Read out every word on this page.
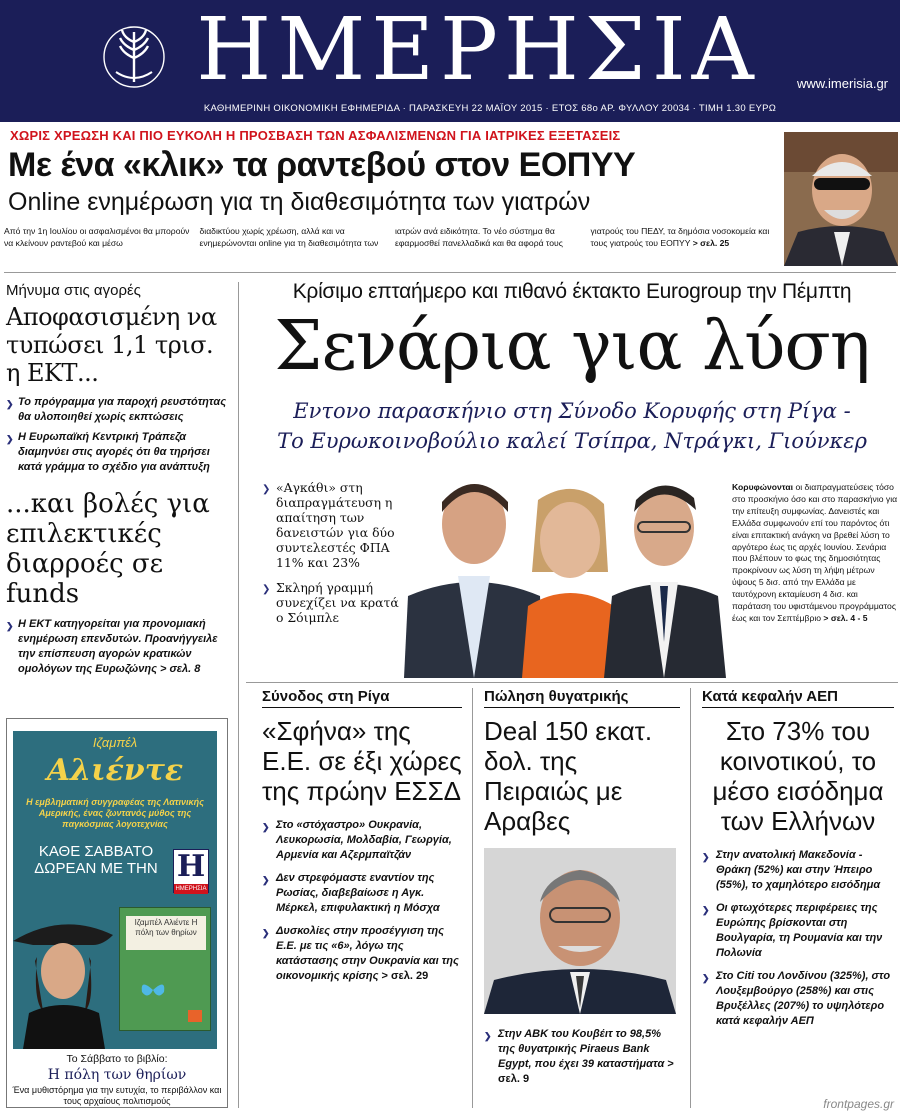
ΗΜΕΡΗΣΙΑ	www.imerisia.gr
ΚΑΘΗΜΕΡΙΝΗ ΟΙΚΟΝΟΜΙΚΗ ΕΦΗΜΕΡΙΔΑ · ΠΑΡΑΣΚΕΥΗ 22 ΜΑΪΟΥ 2015 · ΕΤΟΣ 68ο ΑΡ. ΦΥΛΛΟΥ 20034 · ΤΙΜΗ 1.30 ΕΥΡΩ
ΧΩΡΙΣ ΧΡΕΩΣΗ ΚΑΙ ΠΙΟ ΕΥΚΟΛΗ Η ΠΡΟΣΒΑΣΗ ΤΩΝ ΑΣΦΑΛΙΣΜΕΝΩΝ ΓΙΑ ΙΑΤΡΙΚΕΣ ΕΞΕΤΑΣΕΙΣ
Με ένα «κλικ» τα ραντεβού στον ΕΟΠΥΥ
Online ενημέρωση για τη διαθεσιμότητα των γιατρών
Από την 1η Ιουλίου οι ασφαλισμένοι θα μπορούν να κλείνουν ραντεβού και μέσω
διαδικτύου χωρίς χρέωση, αλλά και να ενημερώνονται online για τη διαθεσιμότητα των
ιατρών ανά ειδικότητα. Το νέο σύστημα θα εφαρμοσθεί πανελλαδικά και θα αφορά τους
γιατρούς του ΠΕΔΥ, τα δημόσια νοσοκομεία και τους γιατρούς του ΕΟΠΥΥ > σελ. 25
Μήνυμα στις αγορές
Αποφασισμένη να τυπώσει 1,1 τρισ. η ΕΚΤ...
❯ Το πρόγραμμα για παροχή ρευστότητας θα υλοποιηθεί χωρίς εκπτώσεις
❯ Η Ευρωπαϊκή Κεντρική Τράπεζα διαμηνύει στις αγορές ότι θα τηρήσει κατά γράμμα το σχέδιο για ανάπτυξη
...και βολές για επιλεκτικές διαρροές σε funds
❯ Η ΕΚΤ κατηγορείται για προνομιακή ενημέρωση επενδυτών. Προανήγγειλε την επίσπευση αγορών κρατικών ομολόγων της Ευρωζώνης > σελ. 8
Ιζαμπέλ
Αλιέντε
Η εμβληματική συγγραφέας της Λατινικής Αμερικής, ένας ζωντανός μύθος της παγκόσμιας λογοτεχνίας
ΚΑΘΕ ΣΑΒΒΑΤΟ ΔΩΡΕΑΝ ΜΕ ΤΗΝ Η
ΗΜΕΡΗΣΙΑ
Ιζαμπέλ Αλιέντε Η πόλη των θηρίων
Το Σάββατο το βιβλίο:
Η πόλη των θηρίων
Ένα μυθιστόρημα για την ευτυχία, το περιβάλλον και τους αρχαίους πολιτισμούς
Κρίσιμο επταήμερο και πιθανό έκτακτο Eurogroup την Πέμπτη
Σενάρια για λύση
Εντονο παρασκήνιο στη Σύνοδο Κορυφής στη Ρίγα -
Το Ευρωκοινοβούλιο καλεί Τσίπρα, Ντράγκι, Γιούνκερ
❯ «Αγκάθι» στη διαπραγμάτευση η απαίτηση των δανειστών για δύο συντελεστές ΦΠΑ 11% και 23%
❯ Σκληρή γραμμή συνεχίζει να κρατά ο Σόιμπλε
Κορυφώνονται οι διαπραγματεύσεις τόσο στο προσκήνιο όσο και στο παρασκήνιο για την επίτευξη συμφωνίας. Δανειστές και Ελλάδα συμφωνούν επί του παρόντος ότι είναι επιτακτική ανάγκη να βρεθεί λύση το αργότερο έως τις αρχές Ιουνίου. Σενάρια που βλέπουν το φως της δημοσιότητας προκρίνουν ως λύση τη λήψη μέτρων ύψους 5 δισ. από την Ελλάδα με ταυτόχρονη εκταμίευση 4 δισ. και παράταση του υφιστάμενου προγράμματος έως και τον Σεπτέμβριο > σελ. 4 - 5
Σύνοδος στη Ρίγα
«Σφήνα» της Ε.Ε. σε έξι χώρες της πρώην ΕΣΣΔ
❯ Στο «στόχαστρο» Ουκρανία, Λευκορωσία, Μολδαβία, Γεωργία, Αρμενία και Αζερμπαϊτζάν
❯ Δεν στρεφόμαστε εναντίον της Ρωσίας, διαβεβαίωσε η Αγκ. Μέρκελ, επιφυλακτική η Μόσχα
❯ Δυσκολίες στην προσέγγιση της Ε.Ε. με τις «6», λόγω της κατάστασης στην Ουκρανία και της οικονομικής κρίσης > σελ. 29
Πώληση θυγατρικής
Deal 150 εκατ. δολ. της Πειραιώς με Αραβες
❯ Στην ΑΒΚ του Κουβέιτ το 98,5% της θυγατρικής Piraeus Bank Egypt, που έχει 39 καταστήματα > σελ. 9
Κατά κεφαλήν ΑΕΠ
Στο 73% του κοινοτικού, το μέσο εισόδημα των Ελλήνων
❯ Στην ανατολική Μακεδονία - Θράκη (52%) και στην Ήπειρο (55%), το χαμηλότερο εισόδημα
❯ Οι φτωχότερες περιφέρειες της Ευρώπης βρίσκονται στη Βουλγαρία, τη Ρουμανία και την Πολωνία
❯ Στο Citi του Λονδίνου (325%), στο Λουξεμβούργο (258%) και στις Βρυξέλλες (207%) το υψηλότερο κατά κεφαλήν ΑΕΠ
frontpages.gr
